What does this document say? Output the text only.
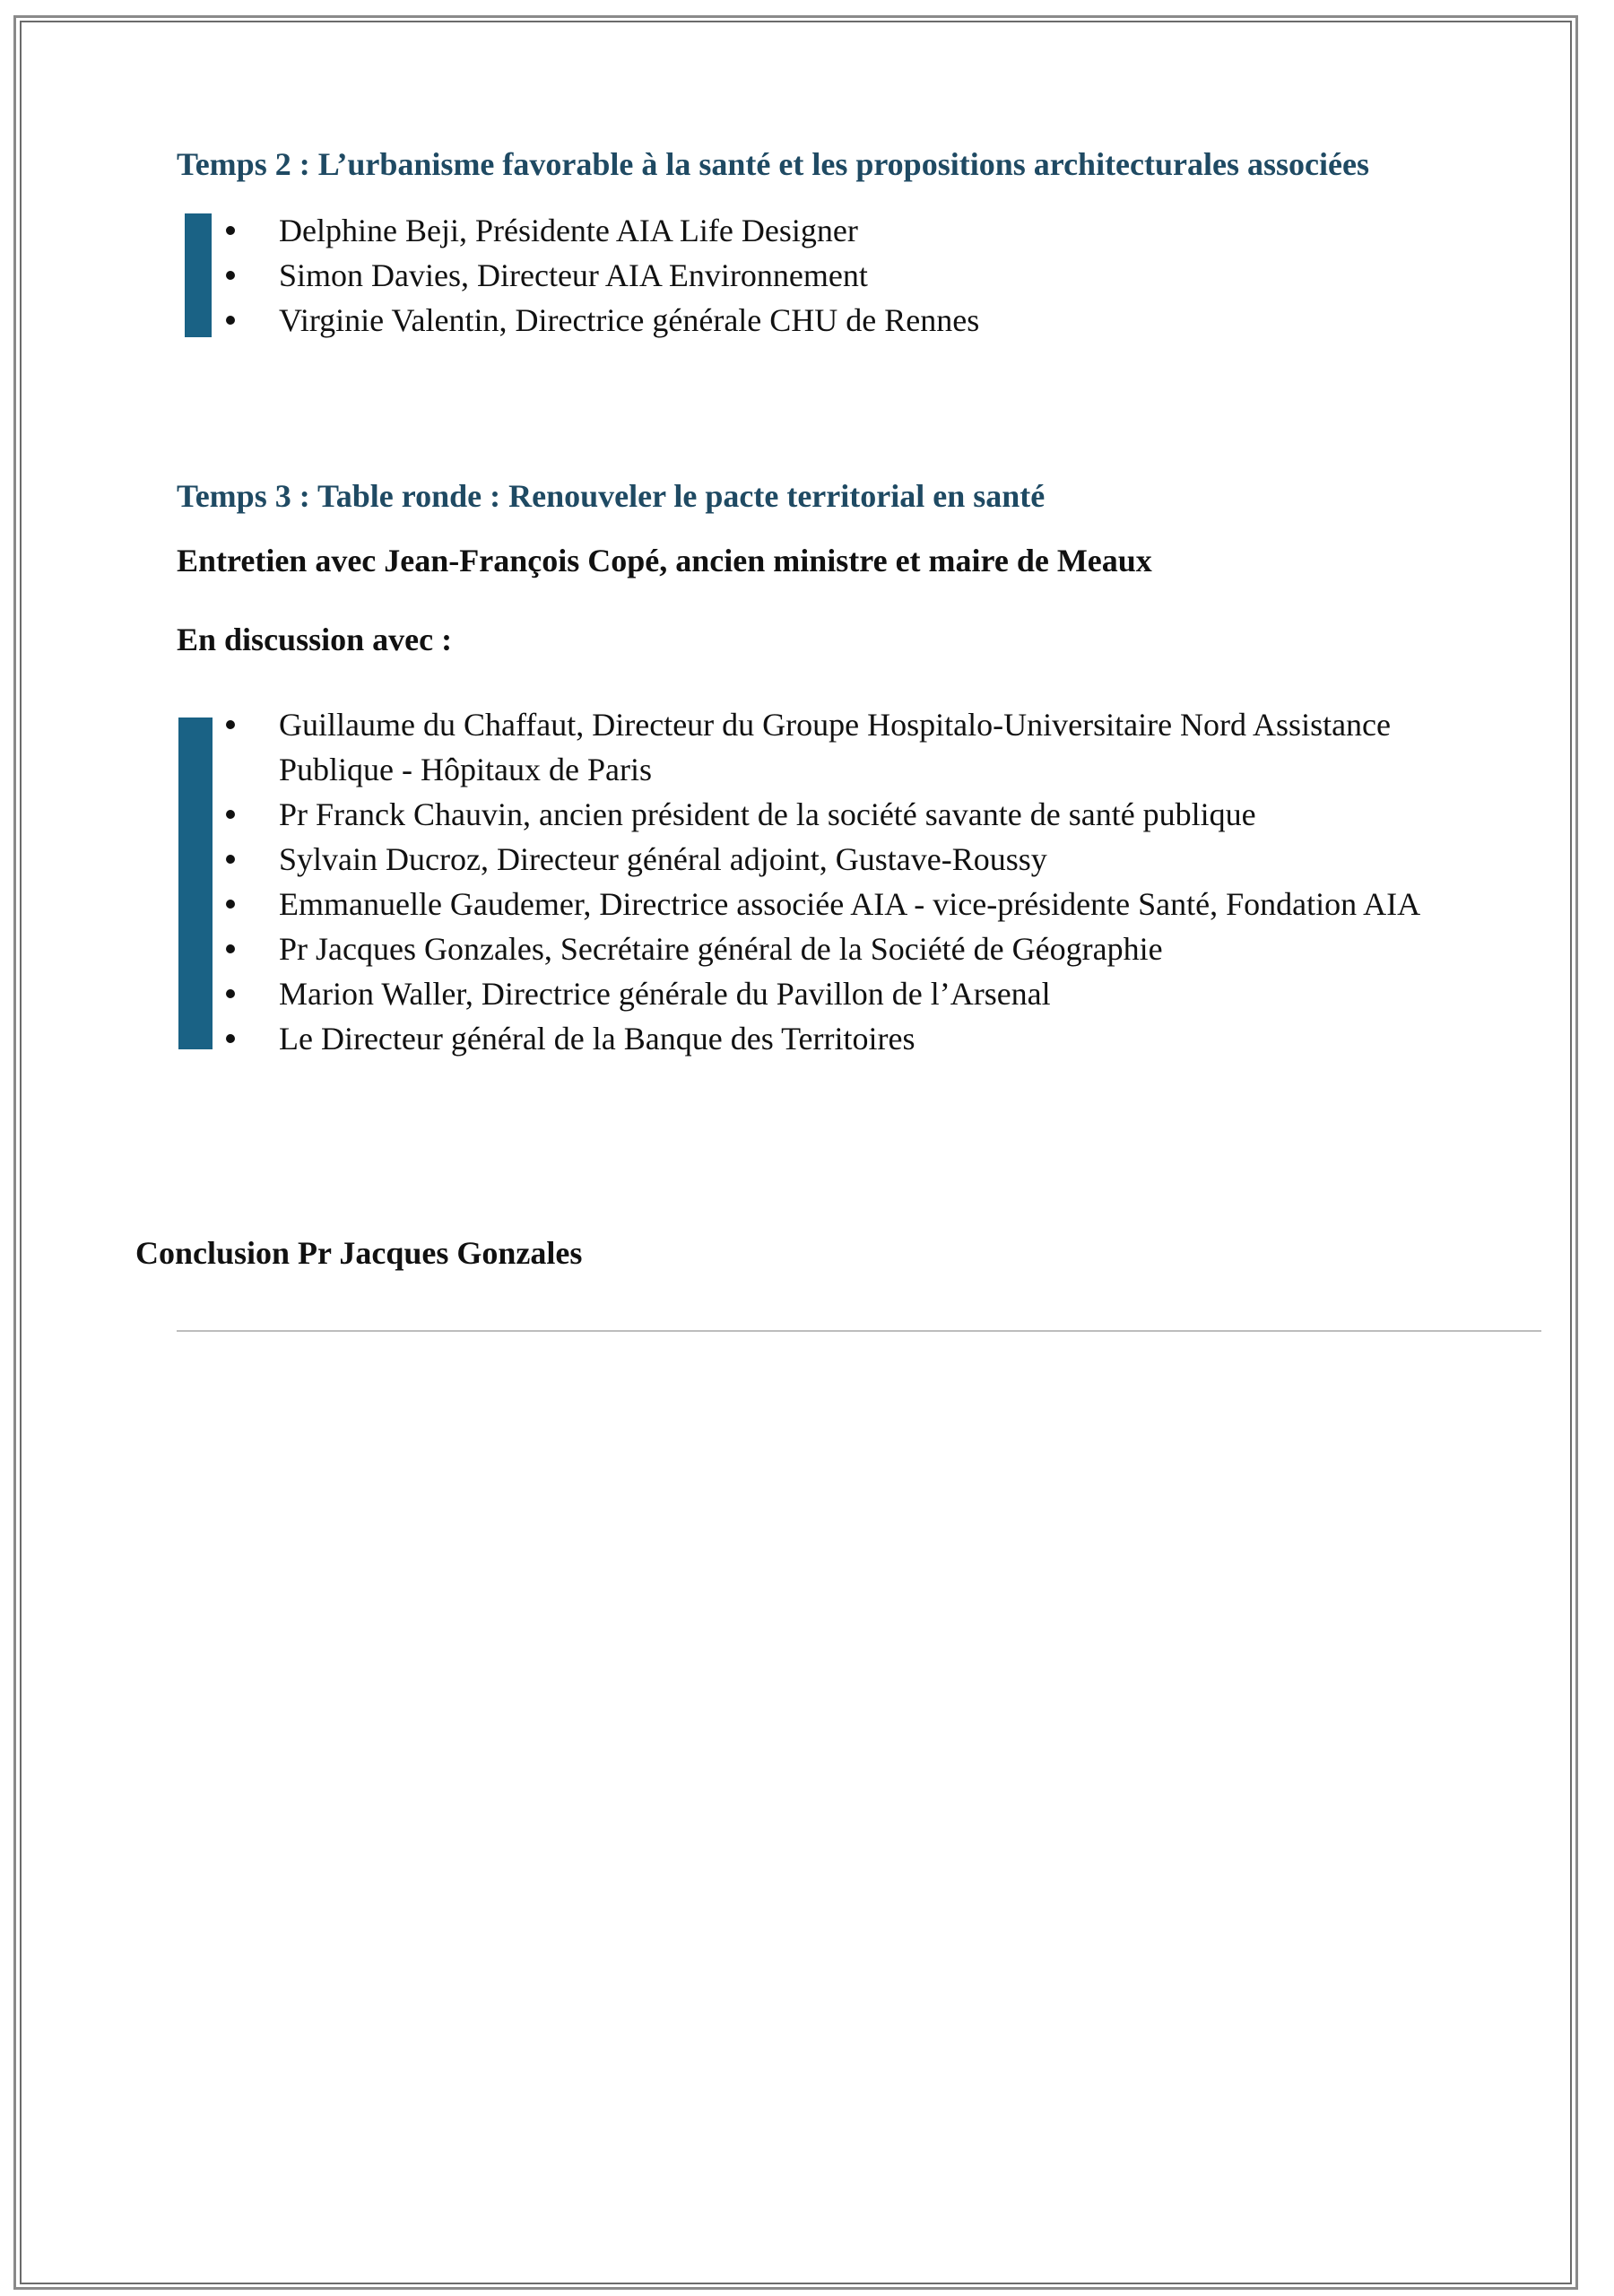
Temps 2 : L’urbanisme favorable à la santé et les propositions architecturales associées
Delphine Beji, Présidente AIA Life Designer
Simon Davies, Directeur AIA Environnement
Virginie Valentin, Directrice générale CHU de Rennes
Temps 3 : Table ronde : Renouveler le pacte territorial en santé
Entretien avec Jean-François Copé, ancien ministre et maire de Meaux
En discussion avec :
Guillaume du Chaffaut, Directeur du Groupe Hospitalo-Universitaire Nord Assistance
Publique - Hôpitaux de Paris
Pr Franck Chauvin, ancien président de la société savante de santé publique
Sylvain Ducroz, Directeur général adjoint, Gustave-Roussy
Emmanuelle Gaudemer, Directrice associée AIA - vice-présidente Santé, Fondation AIA
Pr Jacques Gonzales, Secrétaire général de la Société de Géographie
Marion Waller, Directrice générale du Pavillon de l’Arsenal
Le Directeur général de la Banque des Territoires
Conclusion Pr Jacques Gonzales
